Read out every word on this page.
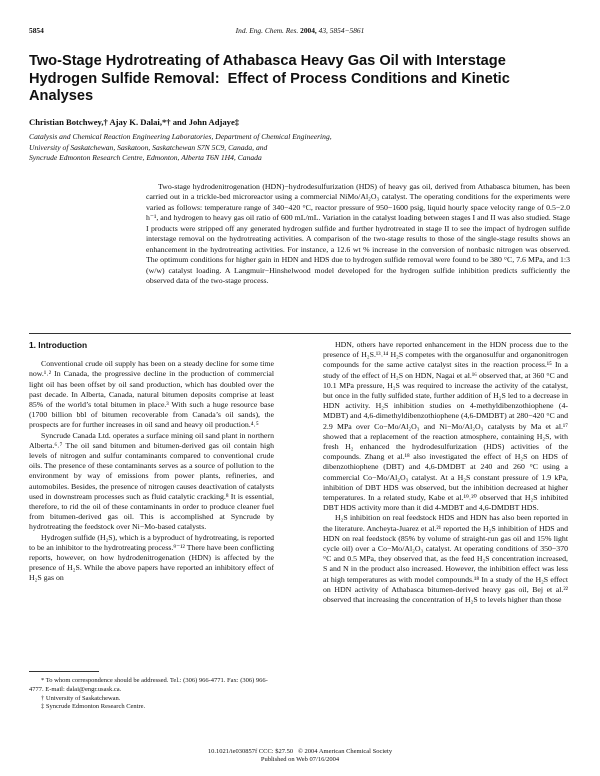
5854	Ind. Eng. Chem. Res. 2004, 43, 5854−5861
Two-Stage Hydrotreating of Athabasca Heavy Gas Oil with Interstage Hydrogen Sulfide Removal:  Effect of Process Conditions and Kinetic Analyses
Christian Botchwey,† Ajay K. Dalai,*† and John Adjaye‡
Catalysis and Chemical Reaction Engineering Laboratories, Department of Chemical Engineering,
University of Saskatchewan, Saskatoon, Saskatchewan S7N 5C9, Canada, and
Syncrude Edmonton Research Centre, Edmonton, Alberta T6N 1H4, Canada

Two-stage hydrodenitrogenation (HDN)−hydrodesulfurization (HDS) of heavy gas oil, derived from Athabasca bitumen, has been carried out in a trickle-bed microreactor using a commercial NiMo/Al₂O₃ catalyst. The operating conditions for the experiments were varied as follows: temperature range of 340−420 °C, reactor pressure of 950−1600 psig, liquid hourly space velocity range of 0.5−2.0 h⁻¹, and hydrogen to heavy gas oil ratio of 600 mL/mL. Variation in the catalyst loading between stages I and II was also studied. Stage I products were stripped off any generated hydrogen sulfide and further hydrotreated in stage II to see the impact of hydrogen sulfide interstage removal on the hydrotreating activities. A comparison of the two-stage results to those of the single-stage results shows an enhancement in the hydrotreating activities. For instance, a 12.6 wt % increase in the conversion of nonbasic nitrogen was observed. The optimum conditions for higher gain in HDN and HDS due to hydrogen sulfide removal were found to be 380 °C, 7.6 MPa, and 1:3 (w/w) catalyst loading. A Langmuir−Hinshelwood model developed for the hydrogen sulfide inhibition predicts sufficiently the observed data of the two-stage process.

1. Introduction

Conventional crude oil supply has been on a steady decline for some time now.¹˒² In Canada, the progressive decline in the production of commercial light oil has been offset by oil sand production, which has doubled over the past decade. In Alberta, Canada, natural bitumen deposits comprise at least 85% of the world’s total bitumen in place.³ With such a huge resource base (1700 billion bbl of bitumen recoverable from Canada’s oil sands), the prospects are for further increases in oil sand and heavy oil production.⁴˒⁵

Syncrude Canada Ltd. operates a surface mining oil sand plant in northern Alberta.⁶˒⁷ The oil sand bitumen and bitumen-derived gas oil contain high levels of nitrogen and sulfur contaminants compared to conventional crude oils. The presence of these contaminants serves as a source of pollution to the environment by way of emissions from power plants, refineries, and automobiles. Besides, the presence of nitrogen causes deactivation of catalysts used in downstream processes such as fluid catalytic cracking.⁸ It is essential, therefore, to rid the oil of these contaminants in order to produce cleaner fuel from bitumen-derived gas oil. This is accomplished at Syncrude by hydrotreating the feedstock over Ni−Mo-based catalysts.

Hydrogen sulfide (H₂S), which is a byproduct of hydrotreating, is reported to be an inhibitor to the hydrotreating process.⁹⁻¹² There have been conflicting reports, however, on how hydrodenitrogenation (HDN) is affected by the presence of H₂S. While the above papers have reported an inhibitory effect of H₂S gas on

HDN, others have reported enhancement in the HDN process due to the presence of H₂S.¹³˒¹⁴ H₂S competes with the organosulfur and organonitrogen compounds for the same active catalyst sites in the reaction process.¹⁵ In a study of the effect of H₂S on HDN, Nagai et al.¹⁶ observed that, at 360 °C and 10.1 MPa pressure, H₂S was required to increase the activity of the catalyst, but once in the fully sulfided state, further addition of H₂S led to a decrease in HDN activity. H₂S inhibition studies on 4-methyldibenzothiophene (4-MDBT) and 4,6-dimethyldibenzothiophene (4,6-DMDBT) at 280−420 °C and 2.9 MPa over Co−Mo/Al₂O₃ and Ni−Mo/Al₂O₃ catalysts by Ma et al.¹⁷ showed that a replacement of the reaction atmosphere, containing H₂S, with fresh H₂ enhanced the hydrodesulfurization (HDS) activities of the compounds. Zhang et al.¹⁸ also investigated the effect of H₂S on HDS of dibenzothiophene (DBT) and 4,6-DMDBT at 240 and 260 °C using a commercial Co−Mo/Al₂O₃ catalyst. At a H₂S constant pressure of 1.9 kPa, inhibition of DBT HDS was observed, but the inhibition decreased at higher temperatures. In a related study, Kabe et al.¹⁹˒²⁰ observed that H₂S inhibited DBT HDS activity more than it did 4-MDBT and 4,6-DMDBT HDS.

H₂S inhibition on real feedstock HDS and HDN has also been reported in the literature. Ancheyta-Juarez et al.²¹ reported the H₂S inhibition of HDS and HDN on real feedstock (85% by volume of straight-run gas oil and 15% light cycle oil) over a Co−Mo/Al₂O₃ catalyst. At operating conditions of 350−370 °C and 0.5 MPa, they observed that, as the feed H₂S concentration increased, S and N in the product also increased. However, the inhibition effect was less at high temperatures as with model compounds.¹⁸ In a study of the H₂S effect on HDN activity of Athabasca bitumen-derived heavy gas oil, Bej et al.²² observed that increasing the concentration of H₂S to levels higher than those

* To whom correspondence should be addressed. Tel.: (306) 966-4771. Fax: (306) 966-4777. E-mail: dalai@engr.usask.ca.
† University of Saskatchewan.
‡ Syncrude Edmonton Research Centre.
10.1021/ie030857f CCC: $27.50   © 2004 American Chemical Society
Published on Web 07/16/2004
